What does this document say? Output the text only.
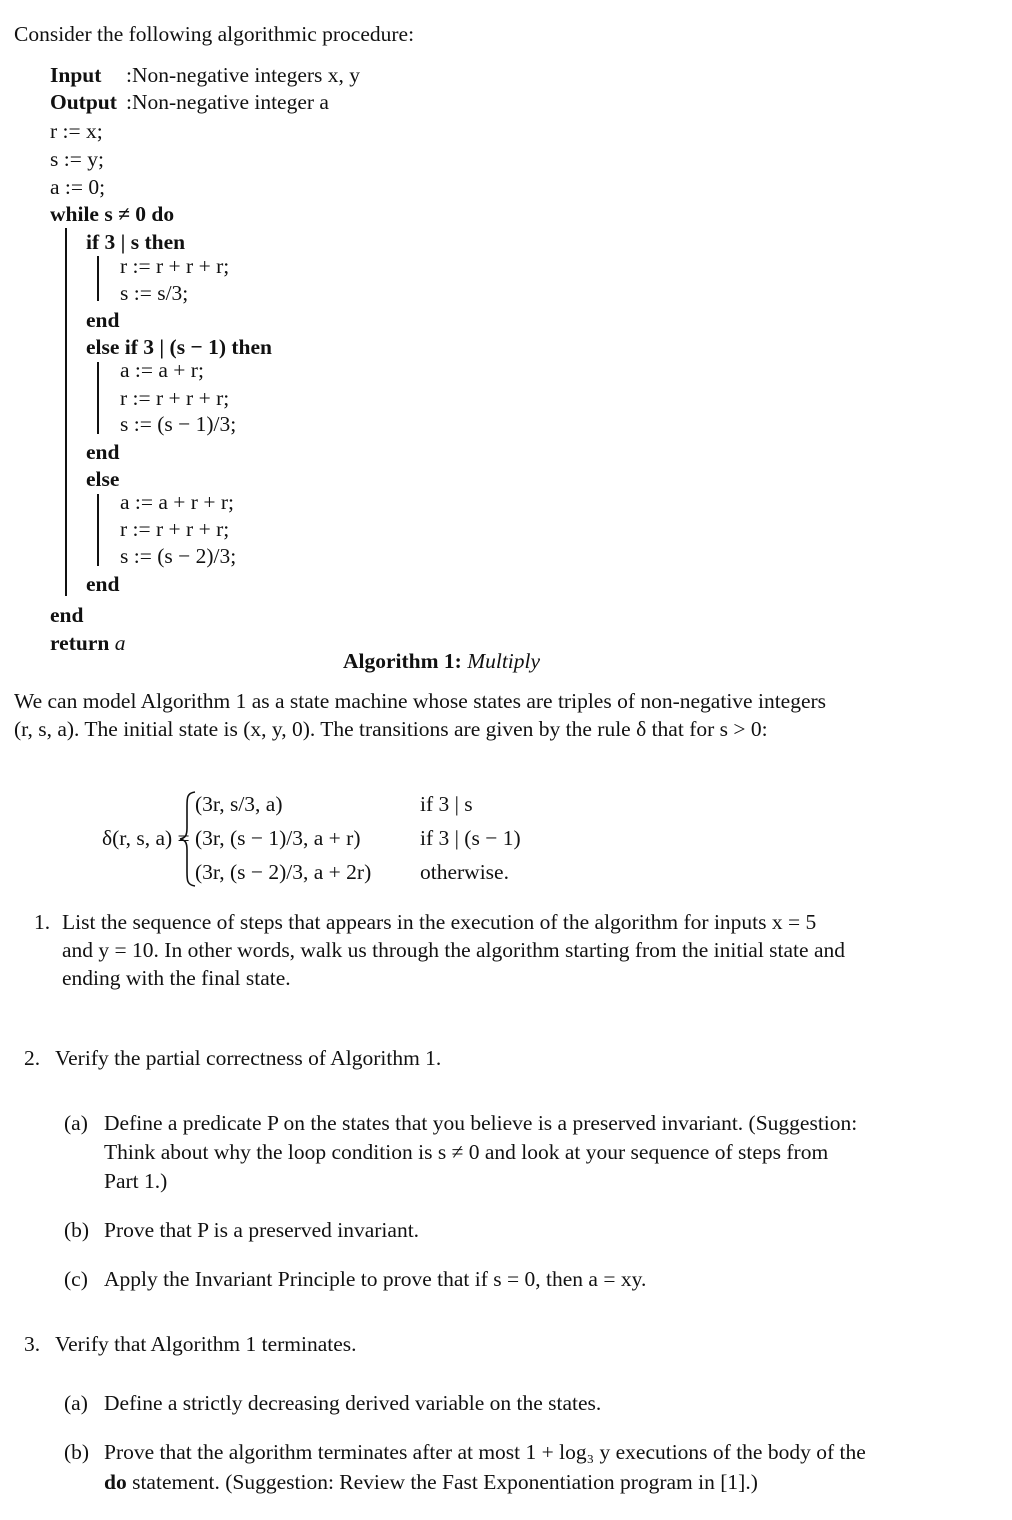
Consider the following algorithmic procedure:
Input :Non-negative integers x, y
Output :Non-negative integer a
r := x;
s := y;
a := 0;
while s ≠ 0 do
if 3 | s then
r := r + r + r;
s := s/3;
end
else if 3 | (s − 1) then
a := a + r;
r := r + r + r;
s := (s − 1)/3;
end
else
a := a + r + r;
r := r + r + r;
s := (s − 2)/3;
end
end
return a
Algorithm 1: Multiply
We can model Algorithm 1 as a state machine whose states are triples of non-negative integers
(r, s, a). The initial state is (x, y, 0). The transitions are given by the rule δ that for s > 0:
δ(r, s, a) =
(3r, s/3, a)	if 3 | s
(3r, (s − 1)/3, a + r)	if 3 | (s − 1)
(3r, (s − 2)/3, a + 2r) otherwise.
1. List the sequence of steps that appears in the execution of the algorithm for inputs x = 5
and y = 10. In other words, walk us through the algorithm starting from the initial state and
ending with the final state.
2. Verify the partial correctness of Algorithm 1.
(a) Define a predicate P on the states that you believe is a preserved invariant. (Suggestion:
Think about why the loop condition is s ≠ 0 and look at your sequence of steps from
Part 1.)
(b) Prove that P is a preserved invariant.
(c) Apply the Invariant Principle to prove that if s = 0, then a = xy.
3. Verify that Algorithm 1 terminates.
(a) Define a strictly decreasing derived variable on the states.
(b) Prove that the algorithm terminates after at most 1 + log₃ y executions of the body of the
do statement. (Suggestion: Review the Fast Exponentiation program in [1].)
